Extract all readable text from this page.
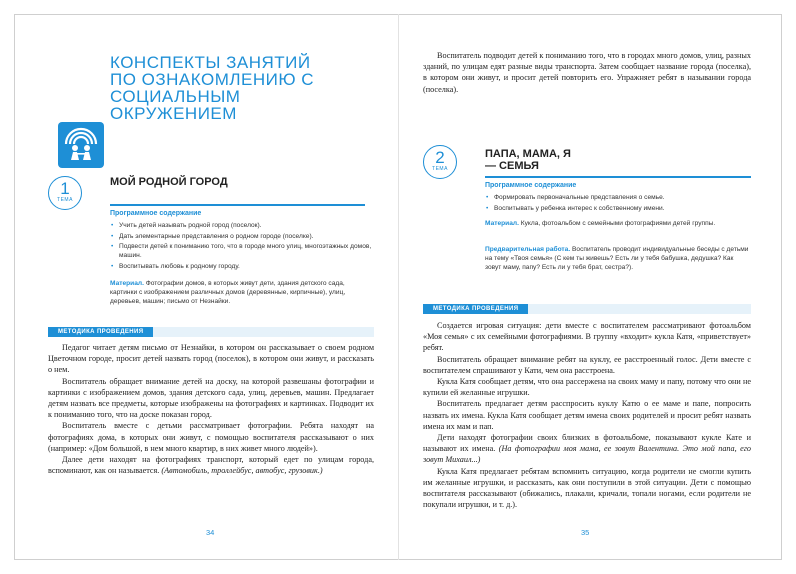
КОНСПЕКТЫ ЗАНЯТИЙ ПО ОЗНАКОМЛЕНИЮ С СОЦИАЛЬНЫМ ОКРУЖЕНИЕМ
1
ТЕМА
МОЙ РОДНОЙ ГОРОД

Программное содержание

• Учить детей называть родной город (поселок).
• Дать элементарные представления о родном городе (поселке).
• Подвести детей к пониманию того, что в городе много улиц, многоэтажных домов, машин.
• Воспитывать любовь к родному городу.

Материал. Фотографии домов, в которых живут дети, здания детского сада, картинки с изображением различных домов (деревянные, кирпичные), улиц, деревьев, машин; письмо от Незнайки.

МЕТОДИКА ПРОВЕДЕНИЯ

Педагог читает детям письмо от Незнайки, в котором он рассказывает о своем родном Цветочном городе, просит детей назвать город (поселок), в котором они живут, и рассказать о нем.

Воспитатель обращает внимание детей на доску, на которой развешаны фотографии и картинки с изображением домов, здания детского сада, улиц, деревьев, машин. Предлагает детям назвать все предметы, которые изображены на фотографиях и картинках. Подводит их к пониманию того, что на доске показан город.

Воспитатель вместе с детьми рассматривает фотографии. Ребята находят на фотографиях дома, в которых они живут, с помощью воспитателя рассказывают о них (например: «Дом большой, в нем много квартир, в них живет много людей»).

Далее дети находят на фотографиях транспорт, который едет по улицам города, вспоминают, как он называется. (Автомобиль, троллейбус, автобус, грузовик.)

34

Воспитатель подводит детей к пониманию того, что в городах много домов, улиц, разных зданий, по улицам едят разные виды транспорта. Затем сообщает название города (поселка), в котором они живут, и просит детей повторить его. Упражняет ребят в назывании города (поселка).

2
ТЕМА
ПАПА, МАМА, Я — СЕМЬЯ

Программное содержание

• Формировать первоначальные представления о семье.
• Воспитывать у ребенка интерес к собственному имени.

Материал. Кукла, фотоальбом с семейными фотографиями детей группы.

Предварительная работа. Воспитатель проводит индивидуальные беседы с детьми на тему «Твоя семья» (С кем ты живешь? Есть ли у тебя бабушка, дедушка? Как зовут маму, папу? Есть ли у тебя брат, сестра?).

МЕТОДИКА ПРОВЕДЕНИЯ

Создается игровая ситуация: дети вместе с воспитателем рассматривают фотоальбом «Моя семья» с их семейными фотографиями. В группу «входит» кукла Катя, «приветствует» ребят.

Воспитатель обращает внимание ребят на куклу, ее расстроенный голос. Дети вместе с воспитателем спрашивают у Кати, чем она расстроена.

Кукла Катя сообщает детям, что она рассержена на своих маму и папу, потому что они не купили ей желанные игрушки.

Воспитатель предлагает детям расспросить куклу Катю о ее маме и папе, попросить назвать их имена. Кукла Катя сообщает детям имена своих родителей и просит ребят назвать имена их мам и пап.

Дети находят фотографии своих близких в фотоальбоме, показывают кукле Кате и называют их имена. (На фотографии моя мама, ее зовут Валентина. Это мой папа, его зовут Михаил...)

Кукла Катя предлагает ребятам вспомнить ситуацию, когда родители не смогли купить им желанные игрушки, и рассказать, как они поступили в этой ситуации. Дети с помощью воспитателя рассказывают (обижались, плакали, кричали, топали ногами, если родители не покупали игрушки, и т. д.).

35
